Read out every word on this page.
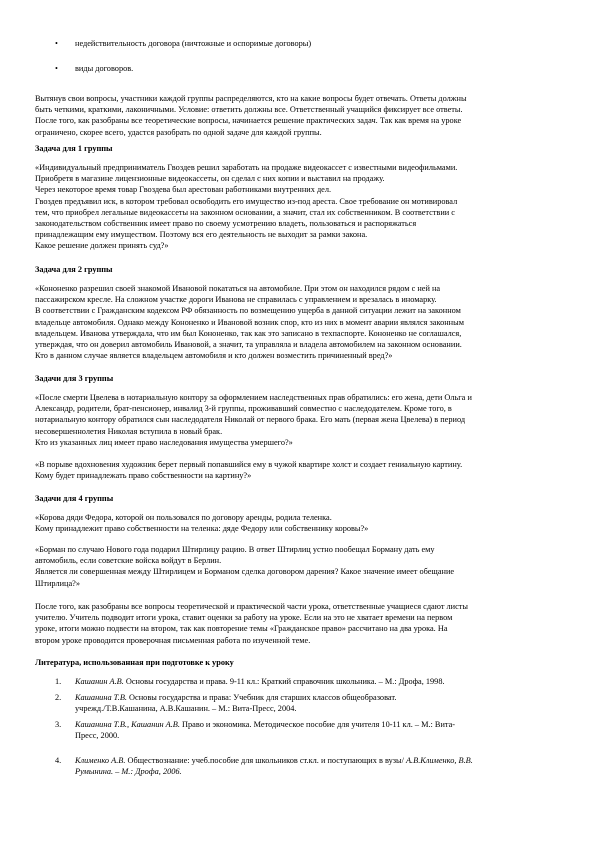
•	недействительность договора (ничтожные и оспоримые договоры)
•	виды договоров.

Вытянув свои вопросы, участники каждой группы распределяются, кто на какие вопросы будет отвечать. Ответы должны

быть четкими, краткими, лаконичными. Условие: ответить должны все. Ответственный учащийся фиксирует все ответы.

После того, как разобраны все теоретические вопросы, начинается решение практических задач. Так как время на уроке

ограничено, скорее всего, удастся разобрать по одной задаче для каждой группы.

Задача для 1 группы

«Индивидуальный предприниматель Гвоздев решил заработать на продаже видеокассет с известными видеофильмами.

Приобретя в магазине лицензионные видеокассеты, он сделал с них копии и выставил на продажу.

Через некоторое время товар Гвоздева был арестован работниками внутренних дел.

Гвоздев предъявил иск, в котором требовал освободить его имущество из-под ареста. Свое требование он мотивировал

тем, что приобрел легальные видеокассеты на законном основании, а значит, стал их собственником. В соответствии с

законодательством собственник имеет право по своему усмотрению владеть, пользоваться и распоряжаться

принадлежащим ему имуществом. Поэтому вся его деятельность не выходит за рамки закона.

Какое решение должен принять суд?»

Задача для 2 группы

«Кононенко разрешил своей знакомой Ивановой покататься на автомобиле. При этом он находился рядом с ней на

пассажирском кресле. На сложном участке дороги Иванова не справилась с управлением и врезалась в иномарку.

В соответствии с Гражданским кодексом РФ обязанность по возмещению ущерба в данной ситуации лежит на законном

владельце автомобиля. Однако между Кононенко и Ивановой возник спор, кто из них в момент аварии являлся законным

владельцем. Иванова утверждала, что им был Кононенко, так как это записано в техпаспорте. Кононенко не соглашался,

утверждая, что он доверил автомобиль Ивановой, а значит, та управляла и владела автомобилем на законном основании.

Кто в данном случае является владельцем автомобиля и кто должен возместить причиненный вред?»

Задачи для 3 группы

«После смерти Цвелева в нотариальную контору за оформлением наследственных прав обратились: его жена, дети Ольга и

Александр, родители, брат-пенсионер, инвалид 3-й группы, проживавший совместно с наследодателем. Кроме того, в

нотариальную контору обратился сын наследодателя Николай от первого брака. Его мать (первая жена Цвелева) в период

несовершеннолетия Николая вступила в новый брак.

Кто из указанных лиц имеет право наследования имущества умершего?»

«В порыве вдохновения художник берет первый попавшийся ему в чужой квартире холст и создает гениальную картину.

Кому будет принадлежать право собственности на картину?»

Задачи для 4 группы

«Корова дяди Федора, которой он пользовался по договору аренды, родила теленка.

Кому принадлежит право собственности на теленка: дяде Федору или собственнику коровы?»

«Борман по случаю Нового года подарил Штирлицу рацию. В ответ Штирлиц устно пообещал Борману дать ему

автомобиль, если советские войска войдут в Берлин.

Является ли совершенная между Штирлицем и Борманом сделка договором дарения? Какое значение имеет обещание

Штирлица?»

После того, как разобраны все вопросы теоретической и практической части урока, ответственные учащиеся сдают листы

учителю. Учитель подводит итоги урока, ставит оценки за работу на уроке. Если на это не хватает времени на первом

уроке, итоги можно подвести на втором, так как повторение темы «Гражданское право» рассчитано на два урока. На

втором уроке проводится проверочная письменная работа по изученной теме.

Литература, использованная при подготовке к уроку
1. Кашанин А.В. Основы государства и права. 9-11 кл.: Краткий справочник школьника. – М.: Дрофа, 1998.

2. Кашанина Т.В. Основы государства и права: Учебник для старших классов общеобразоват.

учрежд./Т.В.Кашанина, А.В.Кашанин. – М.: Вита-Пресс, 2004.

3. Кашанина Т.В., Кашанин А.В. Право и экономика. Методическое пособие для учителя 10-11 кл. – М.: Вита-

Пресс, 2000.

4. Клименко А.В. Обществознание: учеб.пособие для школьников ст.кл. и поступающих в вузы/ А.В.Клименко, В.В.

Румынина. – М.: Дрофа, 2006.
